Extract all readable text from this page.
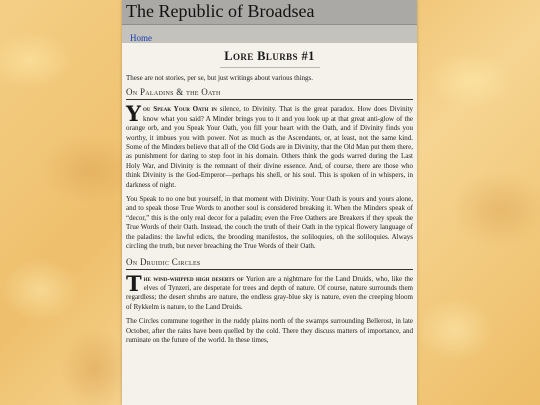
The Republic of Broadsea
Home
Lore Blurbs #1

These are not stories, per se, but just writings about various things.

On Paladins & the Oath

You Speak Your Oath in silence, to Divinity. That is the great paradox. How does Divinity know what you said? A Minder brings you to it and you look up at that great anti-glow of the orange orb, and you Speak Your Oath, you fill your heart with the Oath, and if Divinity finds you worthy, it imbues you with power. Not as much as the Ascendants, or, at least, not the same kind. Some of the Minders believe that all of the Old Gods are in Divinity, that the Old Man put them there, as punishment for daring to step foot in his domain. Others think the gods warred during the Last Holy War, and Divinity is the remnant of their divine essence. And, of course, there are those who think Divinity is the God-Emperor—perhaps his shell, or his soul. This is spoken of in whispers, in darkness of night.

You Speak to no one but yourself, in that moment with Divinity. Your Oath is yours and yours alone, and to speak those True Words to another soul is considered breaking it. When the Minders speak of “decor,” this is the only real decor for a paladin; even the Free Oathers are Breakers if they speak the True Words of their Oath. Instead, the couch the truth of their Oath in the typical flowery language of the paladins: the lawful edicts, the brooding manifestos, the soliloquies, oh the soliloquies. Always circling the truth, but never breaching the True Words of their Oath.

On Druidic Circles

The wind-whipped high deserts of Yurion are a nightmare for the Land Druids, who, like the elves of Tynzeri, are desperate for trees and depth of nature. Of course, nature surrounds them regardless; the desert shrubs are nature, the endless gray-blue sky is nature, even the creeping bloom of Rykkelm is nature, to the Land Druids.

The Circles commune together in the ruddy plains north of the swamps surrounding Bellerost, in late October, after the rains have been quelled by the cold. There they discuss matters of importance, and ruminate on the future of the world. In these times,
